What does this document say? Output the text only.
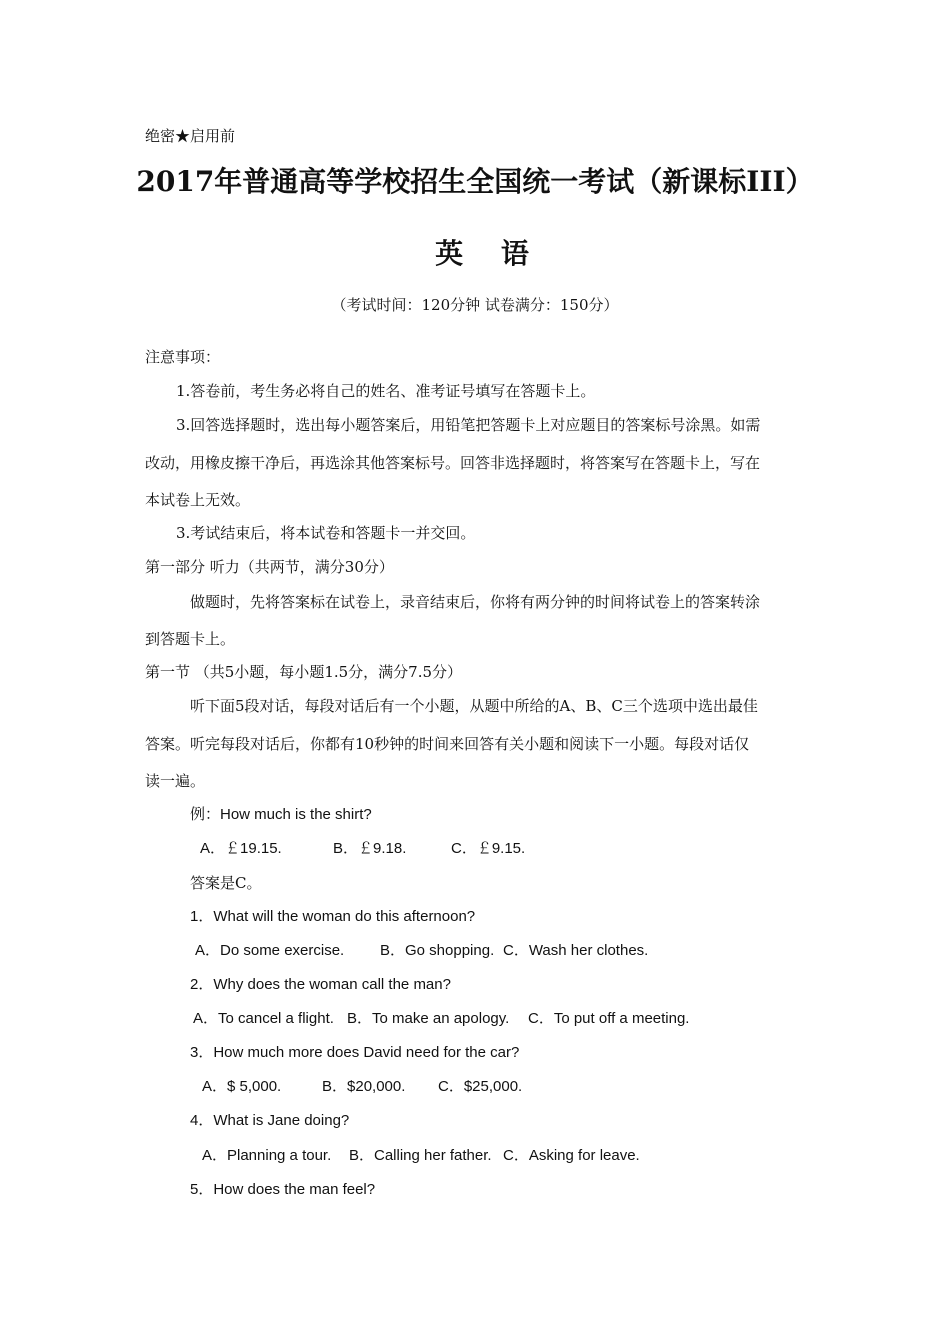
绝密★启用前
2017年普通高等学校招生全国统一考试（新课标III）
英 语
（考试时间：120分钟 试卷满分：150分）
注意事项：
1.答卷前，考生务必将自己的姓名、准考证号填写在答题卡上。
3.回答选择题时，选出每小题答案后，用铅笔把答题卡上对应题目的答案标号涂黑。如需
改动，用橡皮擦干净后，再选涂其他答案标号。回答非选择题时，将答案写在答题卡上，写在
本试卷上无效。
3.考试结束后，将本试卷和答题卡一并交回。
第一部分 听力（共两节，满分30分）
做题时，先将答案标在试卷上，录音结束后，你将有两分钟的时间将试卷上的答案转涂
到答题卡上。
第一节 （共5小题，每小题1.5分，满分7.5分）
听下面5段对话，每段对话后有一个小题，从题中所给的A、B、C三个选项中选出最佳
答案。听完每段对话后，你都有10秒钟的时间来回答有关小题和阅读下一小题。每段对话仅
读一遍。
例：How much is the shirt?
A．￡19.15.	B．￡9.18.	C．￡9.15.
答案是C。
1．What will the woman do this afternoon?
A．Do some exercise. B．Go shopping. C．Wash her clothes.
2．Why does the woman call the man?
A．To cancel a flight. B．To make an apology. C．To put off a meeting.
3．How much more does David need for the car?
A．$ 5,000.	B．$20,000. C．$25,000.
4．What is Jane doing?
A．Planning a tour. B．Calling her father. C．Asking for leave.
5．How does the man feel?
